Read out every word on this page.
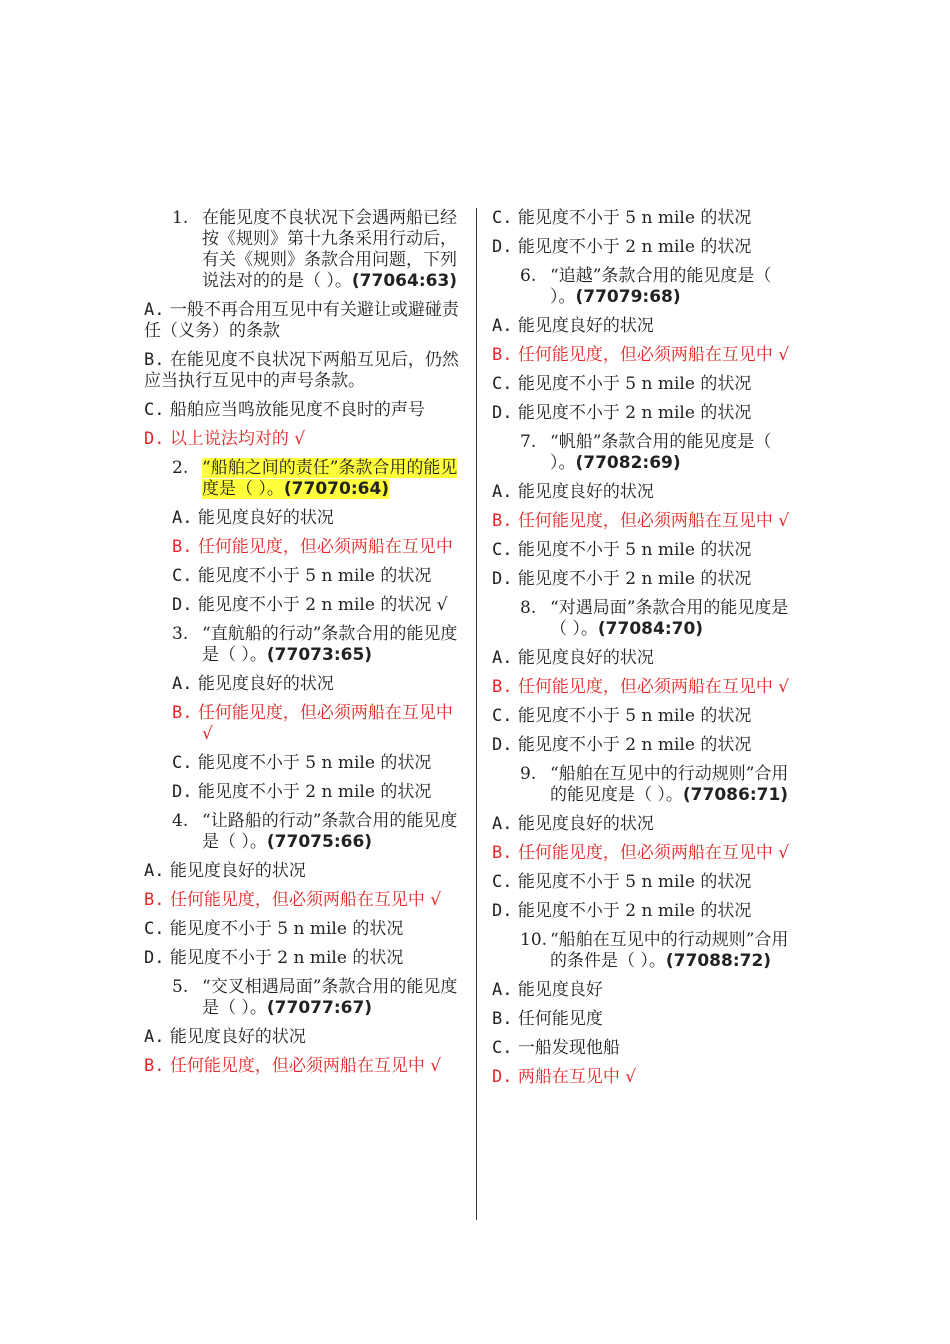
1. 在能见度不良状况下会遇两船已经按《规则》第十九条采用行动后，有关《规则》条款合用问题，下列说法对的的是（ ）。(77064:63)
A. 一般不再合用互见中有关避让或避碰责任（义务）的条款
B. 在能见度不良状况下两船互见后，仍然应当执行互见中的声号条款。
C. 船舶应当鸣放能见度不良时的声号
D. 以上说法均对的 √
2. “船舶之间的责任”条款合用的能见度是（ ）。(77070:64)
A. 能见度良好的状况
B. 任何能见度，但必须两船在互见中
C. 能见度不小于 5 n mile 的状况
D. 能见度不小于 2 n mile 的状况 √
3. “直航船的行动”条款合用的能见度是（ ）。(77073:65)
A. 能见度良好的状况
B. 任何能见度，但必须两船在互见中 √
C. 能见度不小于 5 n mile 的状况
D. 能见度不小于 2 n mile 的状况
4. “让路船的行动”条款合用的能见度是（ ）。(77075:66)
A. 能见度良好的状况
B. 任何能见度，但必须两船在互见中 √
C. 能见度不小于 5 n mile 的状况
D. 能见度不小于 2 n mile 的状况
5. “交叉相遇局面”条款合用的能见度是（ ）。(77077:67)
A. 能见度良好的状况
B. 任何能见度，但必须两船在互见中 √
C. 能见度不小于 5 n mile 的状况
D. 能见度不小于 2 n mile 的状况
6. “追越”条款合用的能见度是（ ）。(77079:68)
A. 能见度良好的状况
B. 任何能见度，但必须两船在互见中 √
C. 能见度不小于 5 n mile 的状况
D. 能见度不小于 2 n mile 的状况
7. “帆船”条款合用的能见度是（ ）。(77082:69)
A. 能见度良好的状况
B. 任何能见度，但必须两船在互见中 √
C. 能见度不小于 5 n mile 的状况
D. 能见度不小于 2 n mile 的状况
8. “对遇局面”条款合用的能见度是（ ）。(77084:70)
A. 能见度良好的状况
B. 任何能见度，但必须两船在互见中 √
C. 能见度不小于 5 n mile 的状况
D. 能见度不小于 2 n mile 的状况
9. “船舶在互见中的行动规则”合用的能见度是（ ）。(77086:71)
A. 能见度良好的状况
B. 任何能见度，但必须两船在互见中 √
C. 能见度不小于 5 n mile 的状况
D. 能见度不小于 2 n mile 的状况
10. “船舶在互见中的行动规则”合用的条件是（ ）。(77088:72)
A. 能见度良好
B. 任何能见度
C. 一船发现他船
D. 两船在互见中 √
